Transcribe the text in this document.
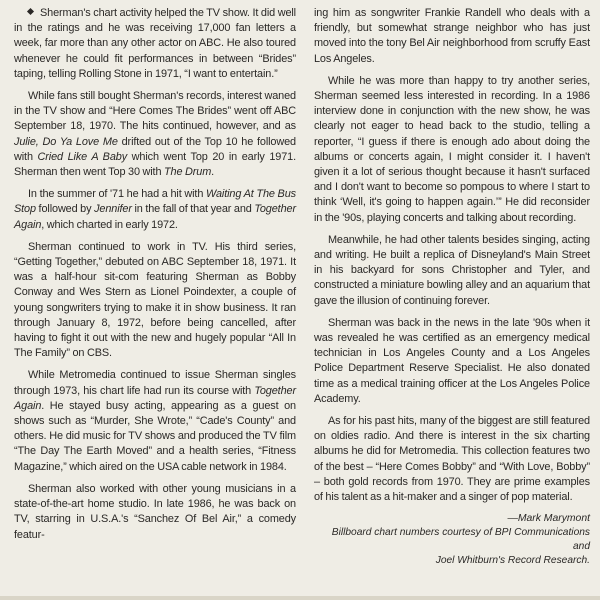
Sherman's chart activity helped the TV show. It did well in the ratings and he was receiving 17,000 fan letters a week, far more than any other actor on ABC. He also toured whenever he could fit performances in between “Brides” taping, telling Rolling Stone in 1971, “I want to entertain.”

While fans still bought Sherman's records, interest waned in the TV show and “Here Comes The Brides” went off ABC September 18, 1970. The hits continued, however, and as Julie, Do Ya Love Me drifted out of the Top 10 he followed with Cried Like A Baby which went Top 20 in early 1971. Sherman then went Top 30 with The Drum.

In the summer of '71 he had a hit with Waiting At The Bus Stop followed by Jennifer in the fall of that year and Together Again, which charted in early 1972.

Sherman continued to work in TV. His third series, “Getting Together,” debuted on ABC September 18, 1971. It was a half-hour sit-com featuring Sherman as Bobby Conway and Wes Stern as Lionel Poindexter, a couple of young songwriters trying to make it in show business. It ran through January 8, 1972, before being cancelled, after having to fight it out with the new and hugely popular “All In The Family” on CBS.

While Metromedia continued to issue Sherman singles through 1973, his chart life had run its course with Together Again. He stayed busy acting, appearing as a guest on shows such as “Murder, She Wrote,” “Cade's County” and others. He did music for TV shows and produced the TV film “The Day The Earth Moved” and a health series, “Fitness Magazine,” which aired on the USA cable network in 1984.

Sherman also worked with other young musicians in a state-of-the-art home studio. In late 1986, he was back on TV, starring in U.S.A.'s “Sanchez Of Bel Air,” a comedy featur-

ing him as songwriter Frankie Randell who deals with a friendly, but somewhat strange neighbor who has just moved into the tony Bel Air neighborhood from scruffy East Los Angeles.

While he was more than happy to try another series, Sherman seemed less interested in recording. In a 1986 interview done in conjunction with the new show, he was clearly not eager to head back to the studio, telling a reporter, “I guess if there is enough ado about doing the albums or concerts again, I might consider it. I haven't given it a lot of serious thought because it hasn't surfaced and I don't want to become so pompous to where I start to think ‘Well, it's going to happen again.’” He did reconsider in the '90s, playing concerts and talking about recording.

Meanwhile, he had other talents besides singing, acting and writing. He built a replica of Disneyland's Main Street in his backyard for sons Christopher and Tyler, and constructed a miniature bowling alley and an aquarium that gave the illusion of continuing forever.

Sherman was back in the news in the late '90s when it was revealed he was certified as an emergency medical technician in Los Angeles County and a Los Angeles Police Department Reserve Specialist. He also donated time as a medical training officer at the Los Angeles Police Academy.

As for his past hits, many of the biggest are still featured on oldies radio. And there is interest in the six charting albums he did for Metromedia. This collection features two of the best – “Here Comes Bobby” and “With Love, Bobby” – both gold records from 1970. They are prime examples of his talent as a hit-maker and a singer of pop material.

—Mark Marymont
Billboard chart numbers courtesy of BPI Communications and
Joel Whitburn's Record Research.
